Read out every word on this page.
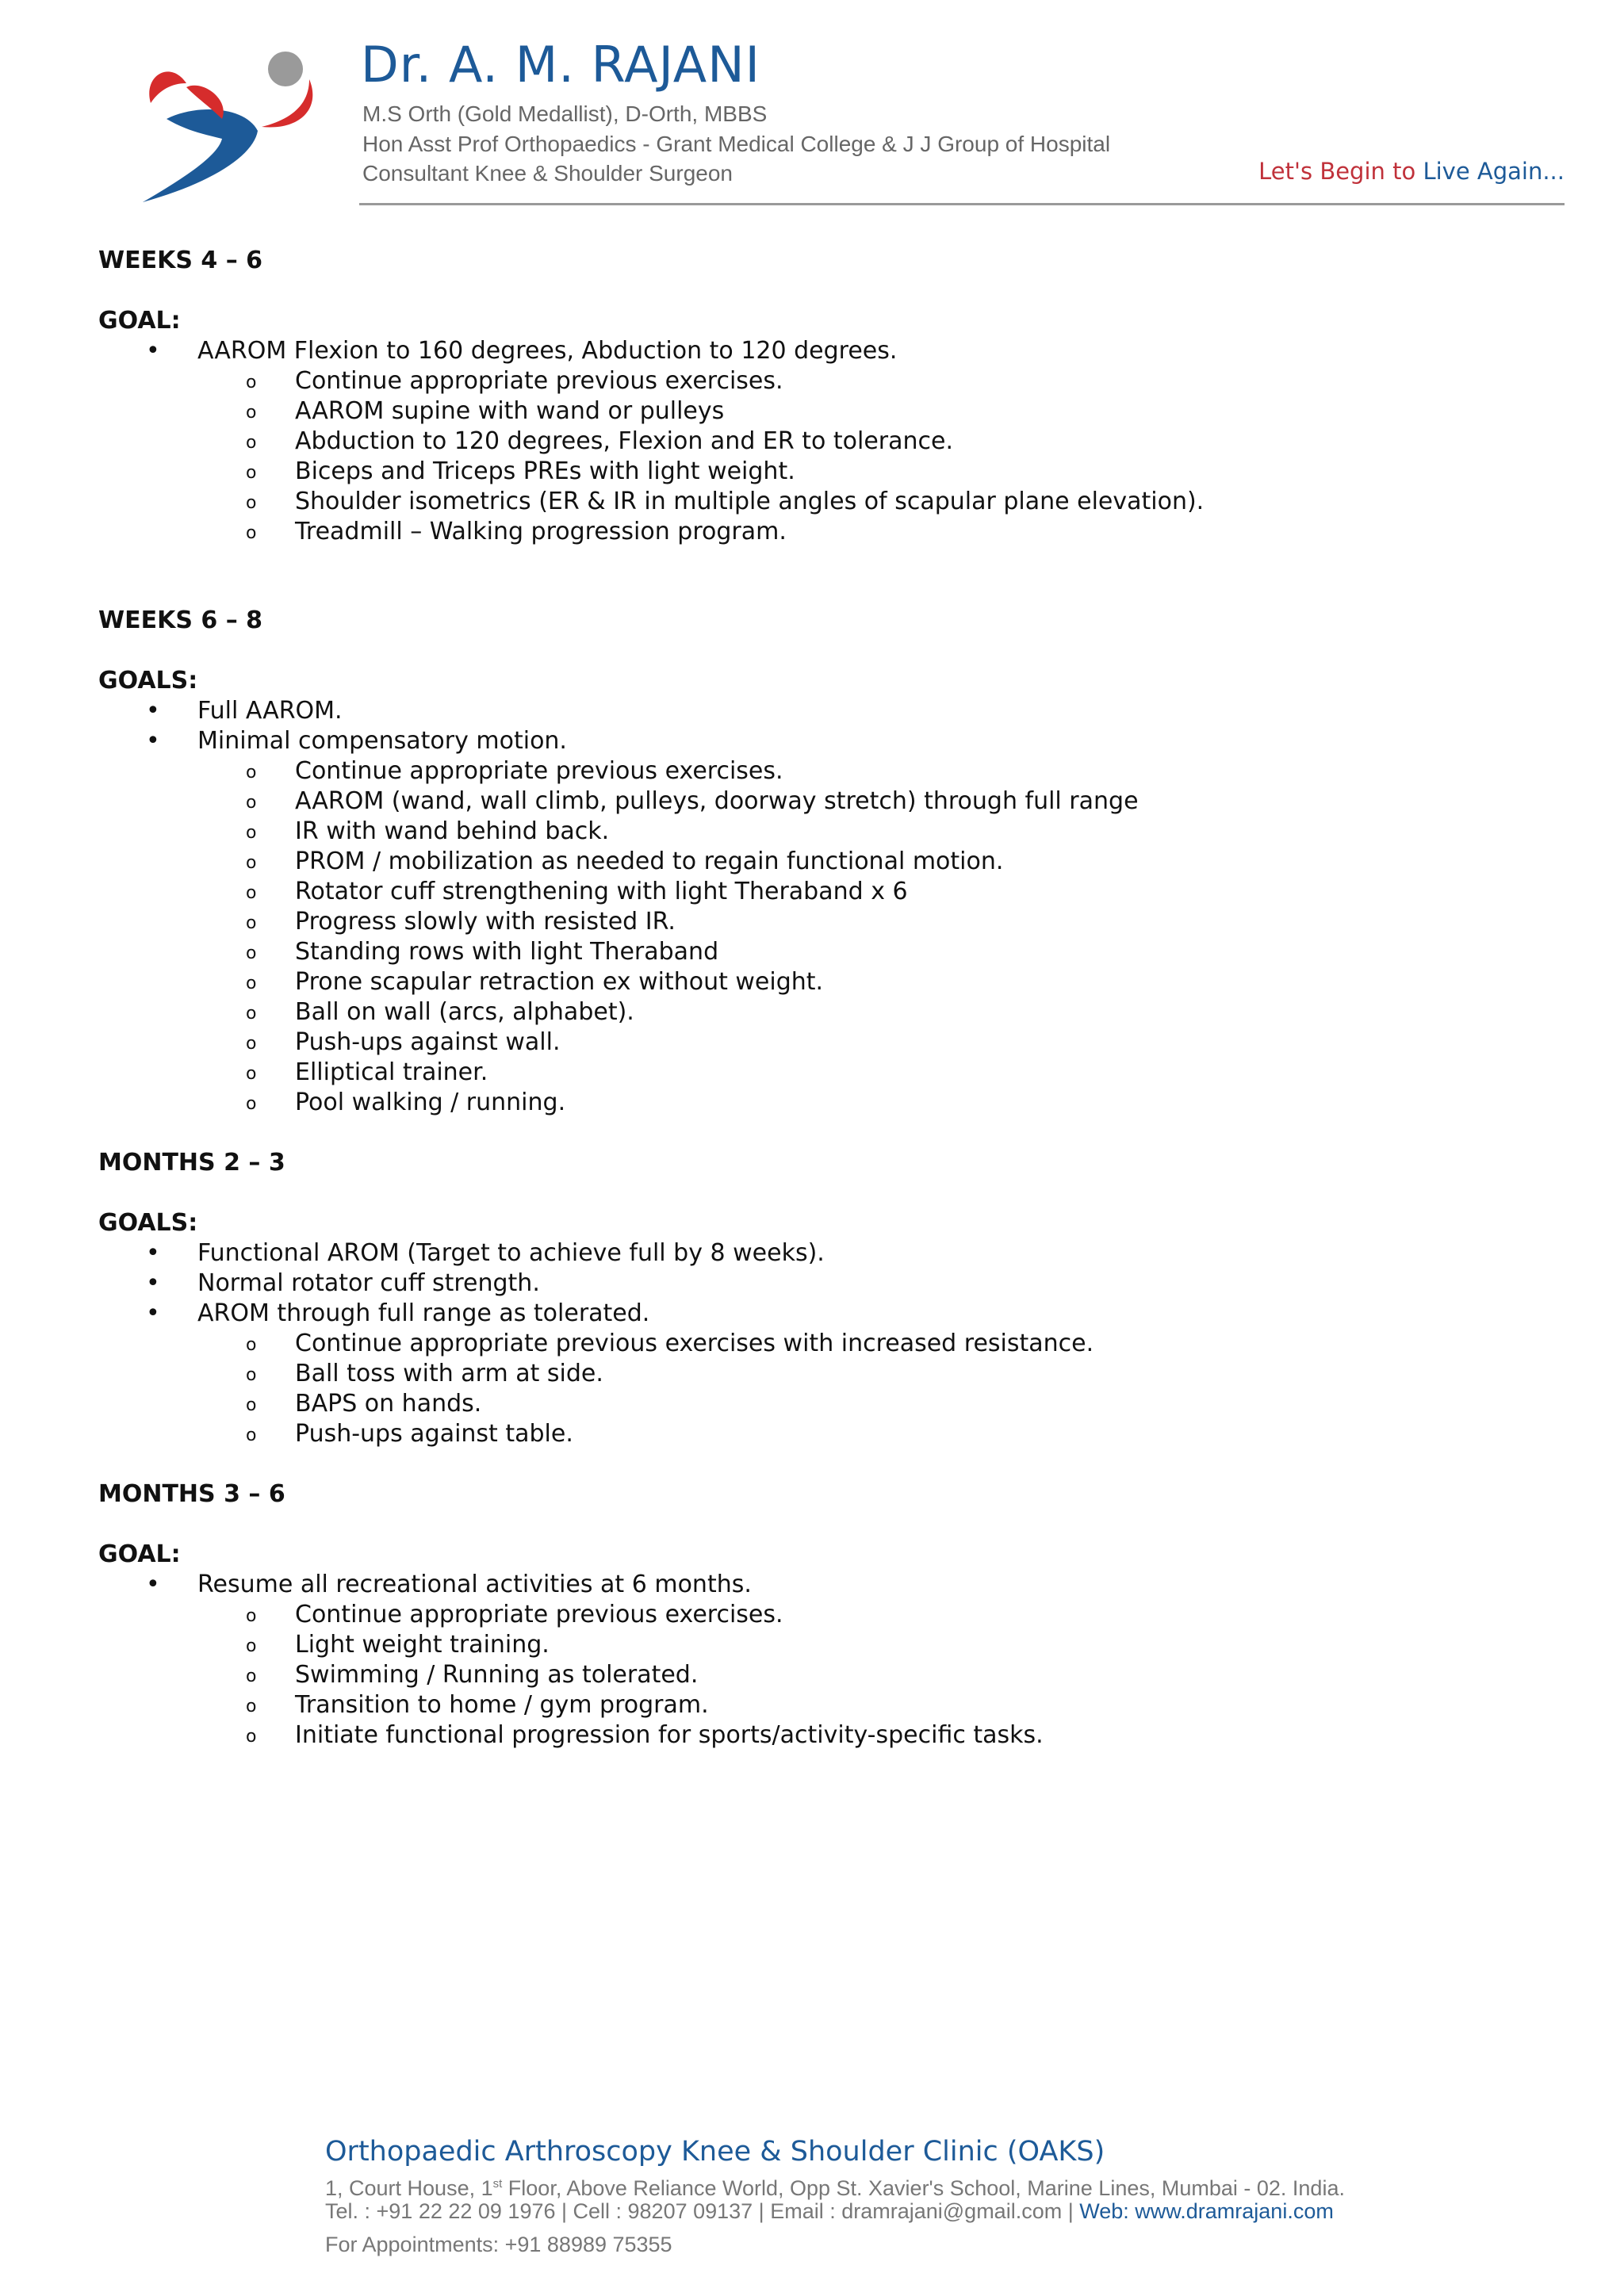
Dr. A. M. RAJANI
M.S Orth (Gold Medallist), D-Orth, MBBS
Hon Asst Prof Orthopaedics - Grant Medical College & J J Group of Hospital
Consultant Knee & Shoulder Surgeon	Let's Begin to Live Again...
WEEKS 4 – 6
GOAL:
• AAROM Flexion to 160 degrees, Abduction to 120 degrees.
o Continue appropriate previous exercises.
o AAROM supine with wand or pulleys
o Abduction to 120 degrees, Flexion and ER to tolerance.
o Biceps and Triceps PREs with light weight.
o Shoulder isometrics (ER & IR in multiple angles of scapular plane elevation).
o Treadmill – Walking progression program.
WEEKS 6 – 8
GOALS:
• Full AAROM.
• Minimal compensatory motion.
o Continue appropriate previous exercises.
o AAROM (wand, wall climb, pulleys, doorway stretch) through full range
o IR with wand behind back.
o PROM / mobilization as needed to regain functional motion.
o Rotator cuff strengthening with light Theraband x 6
o Progress slowly with resisted IR.
o Standing rows with light Theraband
o Prone scapular retraction ex without weight.
o Ball on wall (arcs, alphabet).
o Push-ups against wall.
o Elliptical trainer.
o Pool walking / running.
MONTHS 2 – 3
GOALS:
• Functional AROM (Target to achieve full by 8 weeks).
• Normal rotator cuff strength.
• AROM through full range as tolerated.
o Continue appropriate previous exercises with increased resistance.
o Ball toss with arm at side.
o BAPS on hands.
o Push-ups against table.
MONTHS 3 – 6
GOAL:
• Resume all recreational activities at 6 months.
o Continue appropriate previous exercises.
o Light weight training.
o Swimming / Running as tolerated.
o Transition to home / gym program.
o Initiate functional progression for sports/activity-specific tasks.
Orthopaedic Arthroscopy Knee & Shoulder Clinic (OAKS)
1, Court House, 1st Floor, Above Reliance World, Opp St. Xavier's School, Marine Lines, Mumbai - 02. India.
Tel. : +91 22 22 09 1976 | Cell : 98207 09137 | Email : dramrajani@gmail.com | Web: www.dramrajani.com
For Appointments: +91 88989 75355
